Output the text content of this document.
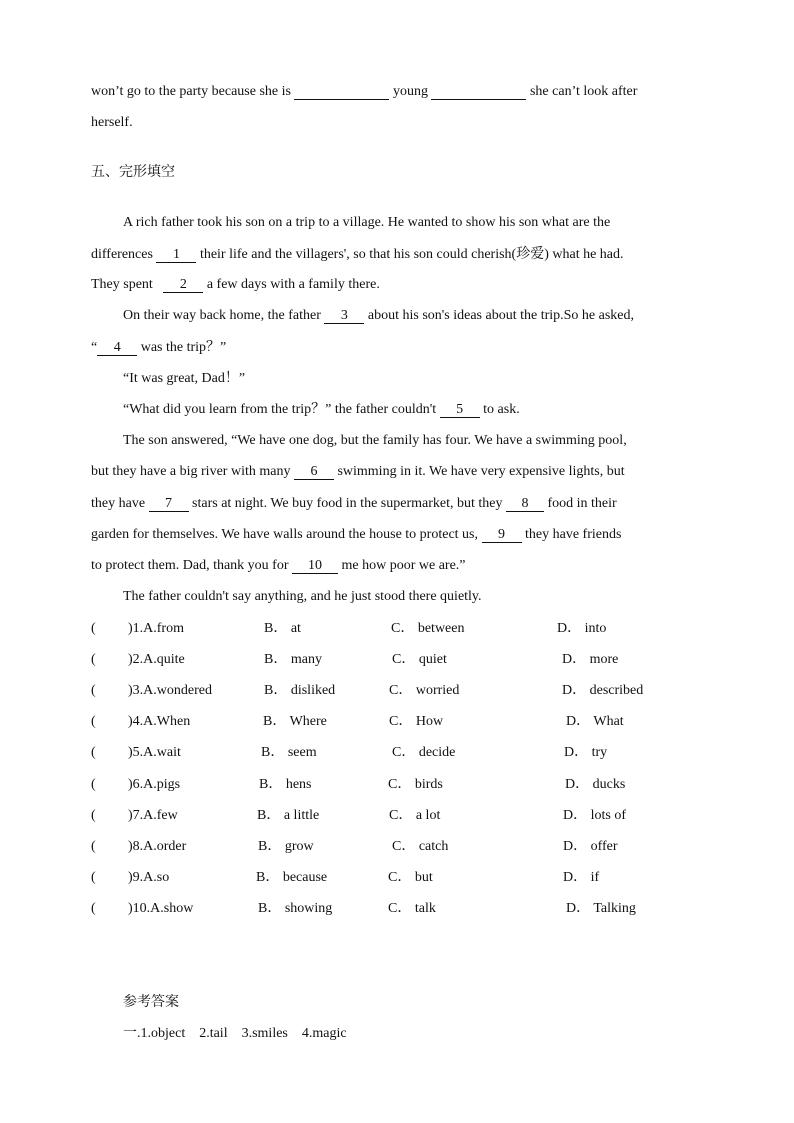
won’t go to the party because she is	young	she can’t look after
herself.
五、完形填空
A rich father took his son on a trip to a village. He wanted to show his son what are the
differences 1 their life and the villagers', so that his son could cherish(珍爱) what he had.
They spent 2 a few days with a family there.
On their way back home, the father 3 about his son's ideas about the trip.So he asked,
“ 4 was the trip？”
“It was great, Dad！”
“What did you learn from the trip？” the father couldn't 5 to ask.
The son answered, “We have one dog, but the family has four. We have a swimming pool,
but they have a big river with many 6 swimming in it. We have very expensive lights, but
they have 7 stars at night. We buy food in the supermarket, but they 8 food in their
garden for themselves. We have walls around the house to protect us, 9 they have friends
to protect them. Dad, thank you for 10 me how poor we are.”
The father couldn't say anything, and he just stood there quietly.
( )1.A.from	B． at	C． between	D． into
( )2.A.quite	B． many	C． quiet	D． more
( )3.A.wondered	B． disliked	C． worried	D． described
( )4.A.When	B． Where	C． How	D． What
( )5.A.wait	B． seem	C． decide	D． try
( )6.A.pigs	B． hens	C． birds	D． ducks
( )7.A.few	B． a little	C． a lot	D． lots of
( )8.A.order	B． grow	C． catch	D． offer
( )9.A.so	B． because	C． but	D． if
( )10.A.show	B． showing	C． talk	D． Talking
参考答案
一.1.object    2.tail    3.smiles    4.magic
